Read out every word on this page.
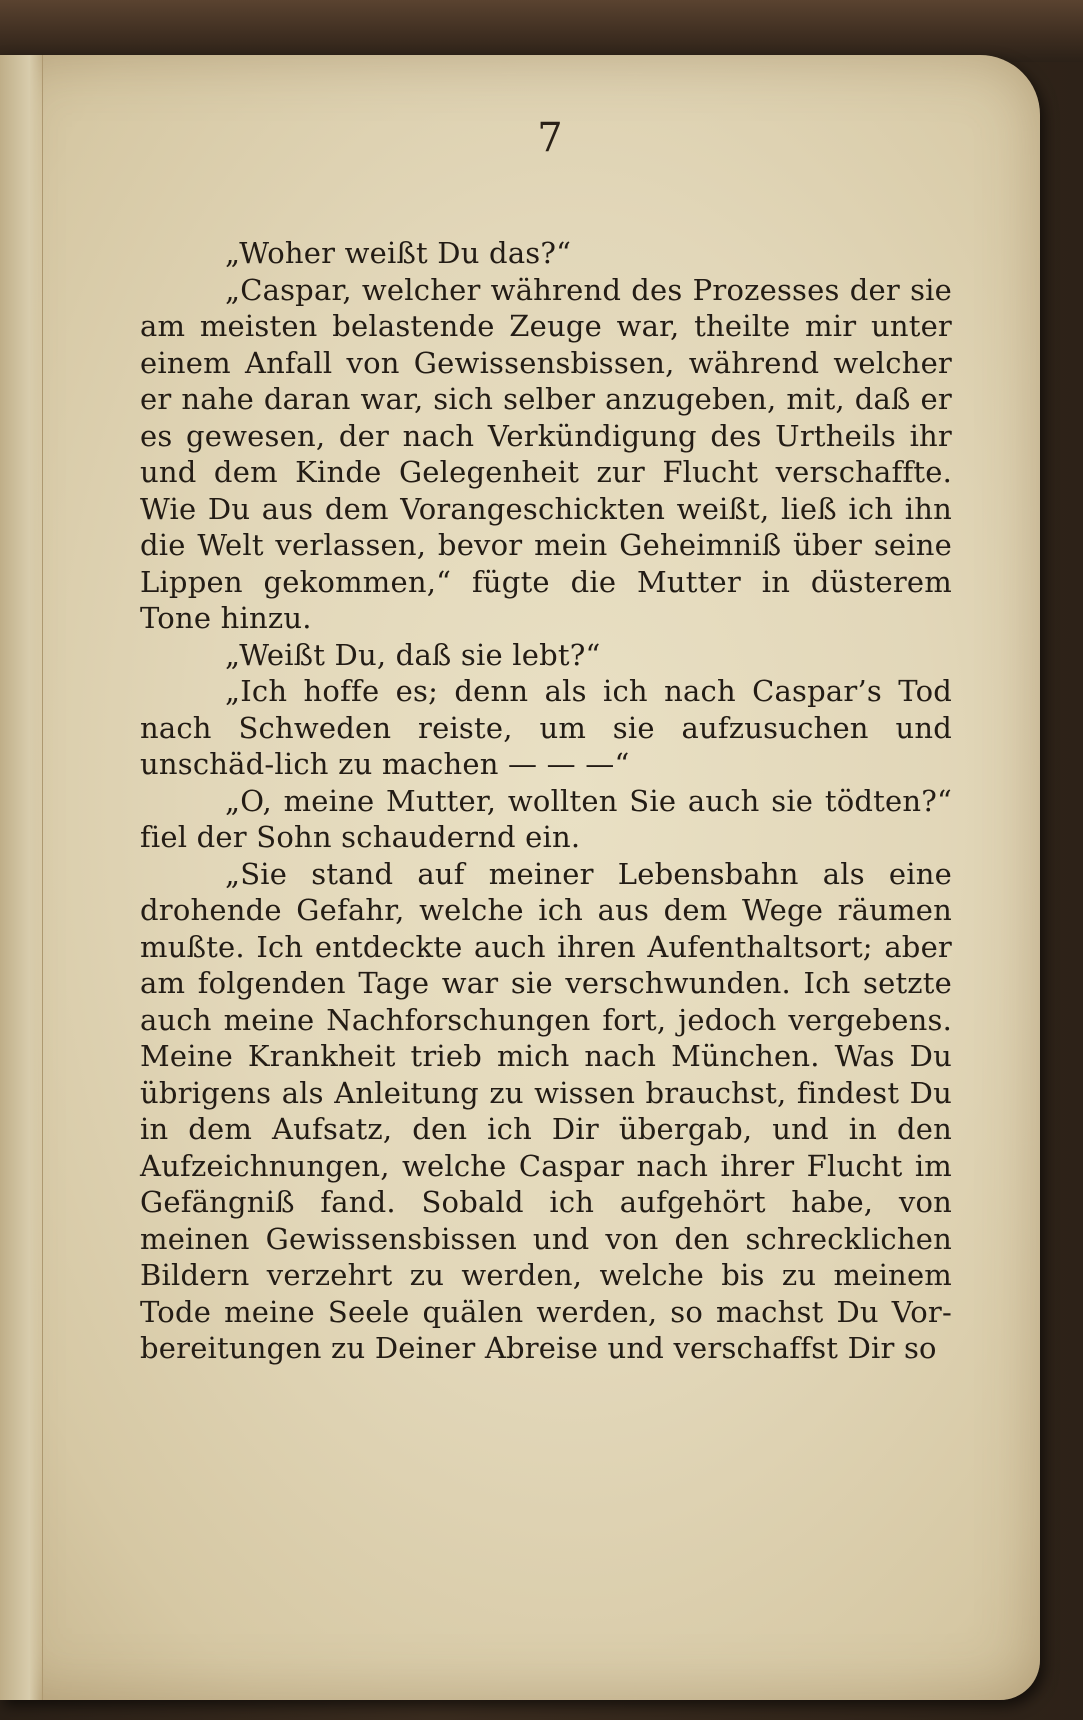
7

„Woher weißt Du das?“

„Caspar, welcher während des Prozesses der sie am meisten belastende Zeuge war, theilte mir unter einem Anfall von Gewissensbissen, während welcher er nahe daran war, sich selber anzugeben, mit, daß er es gewesen, der nach Verkündigung des Urtheils ihr und dem Kinde Gelegenheit zur Flucht verschaffte. Wie Du aus dem Vorangeschickten weißt, ließ ich ihn die Welt verlassen, bevor mein Geheimniß über seine Lippen gekommen,“ fügte die Mutter in düsterem Tone hinzu.

„Weißt Du, daß sie lebt?“

„Ich hoffe es; denn als ich nach Caspar’s Tod nach Schweden reiste, um sie aufzusuchen und unschäd-lich zu machen — — —“

„O, meine Mutter, wollten Sie auch sie tödten?“ fiel der Sohn schaudernd ein.

„Sie stand auf meiner Lebensbahn als eine drohende Gefahr, welche ich aus dem Wege räumen mußte. Ich entdeckte auch ihren Aufenthaltsort; aber am folgenden Tage war sie verschwunden. Ich setzte auch meine Nachforschungen fort, jedoch vergebens. Meine Krankheit trieb mich nach München. Was Du übrigens als Anleitung zu wissen brauchst, findest Du in dem Aufsatz, den ich Dir übergab, und in den Aufzeichnungen, welche Caspar nach ihrer Flucht im Gefängniß fand. Sobald ich aufgehört habe, von meinen Gewissensbissen und von den schrecklichen Bildern verzehrt zu werden, welche bis zu meinem Tode meine Seele quälen werden, so machst Du Vor-bereitungen zu Deiner Abreise und verschaffst Dir so
